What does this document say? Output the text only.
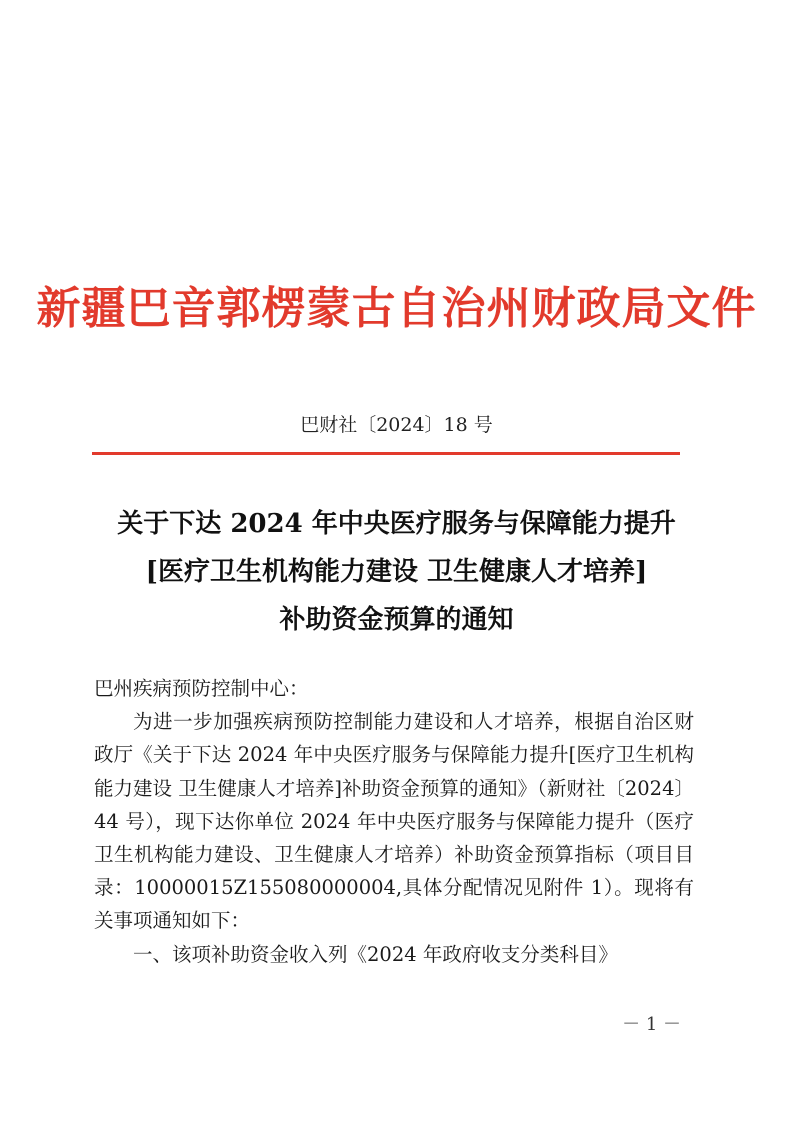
新疆巴音郭楞蒙古自治州财政局文件
巴财社〔2024〕18 号
关于下达 2024 年中央医疗服务与保障能力提升
[医疗卫生机构能力建设 卫生健康人才培养]
补助资金预算的通知

巴州疾病预防控制中心：

为进一步加强疾病预防控制能力建设和人才培养，根据自治区财政厅《关于下达 2024 年中央医疗服务与保障能力提升[医疗卫生机构能力建设 卫生健康人才培养]补助资金预算的通知》（新财社〔2024〕44 号），现下达你单位 2024 年中央医疗服务与保障能力提升（医疗卫生机构能力建设、卫生健康人才培养）补助资金预算指标（项目目录：10000015Z155080000004,具体分配情况见附件 1）。现将有关事项通知如下：

一、该项补助资金收入列《2024 年政府收支分类科目》

－ 1 －
